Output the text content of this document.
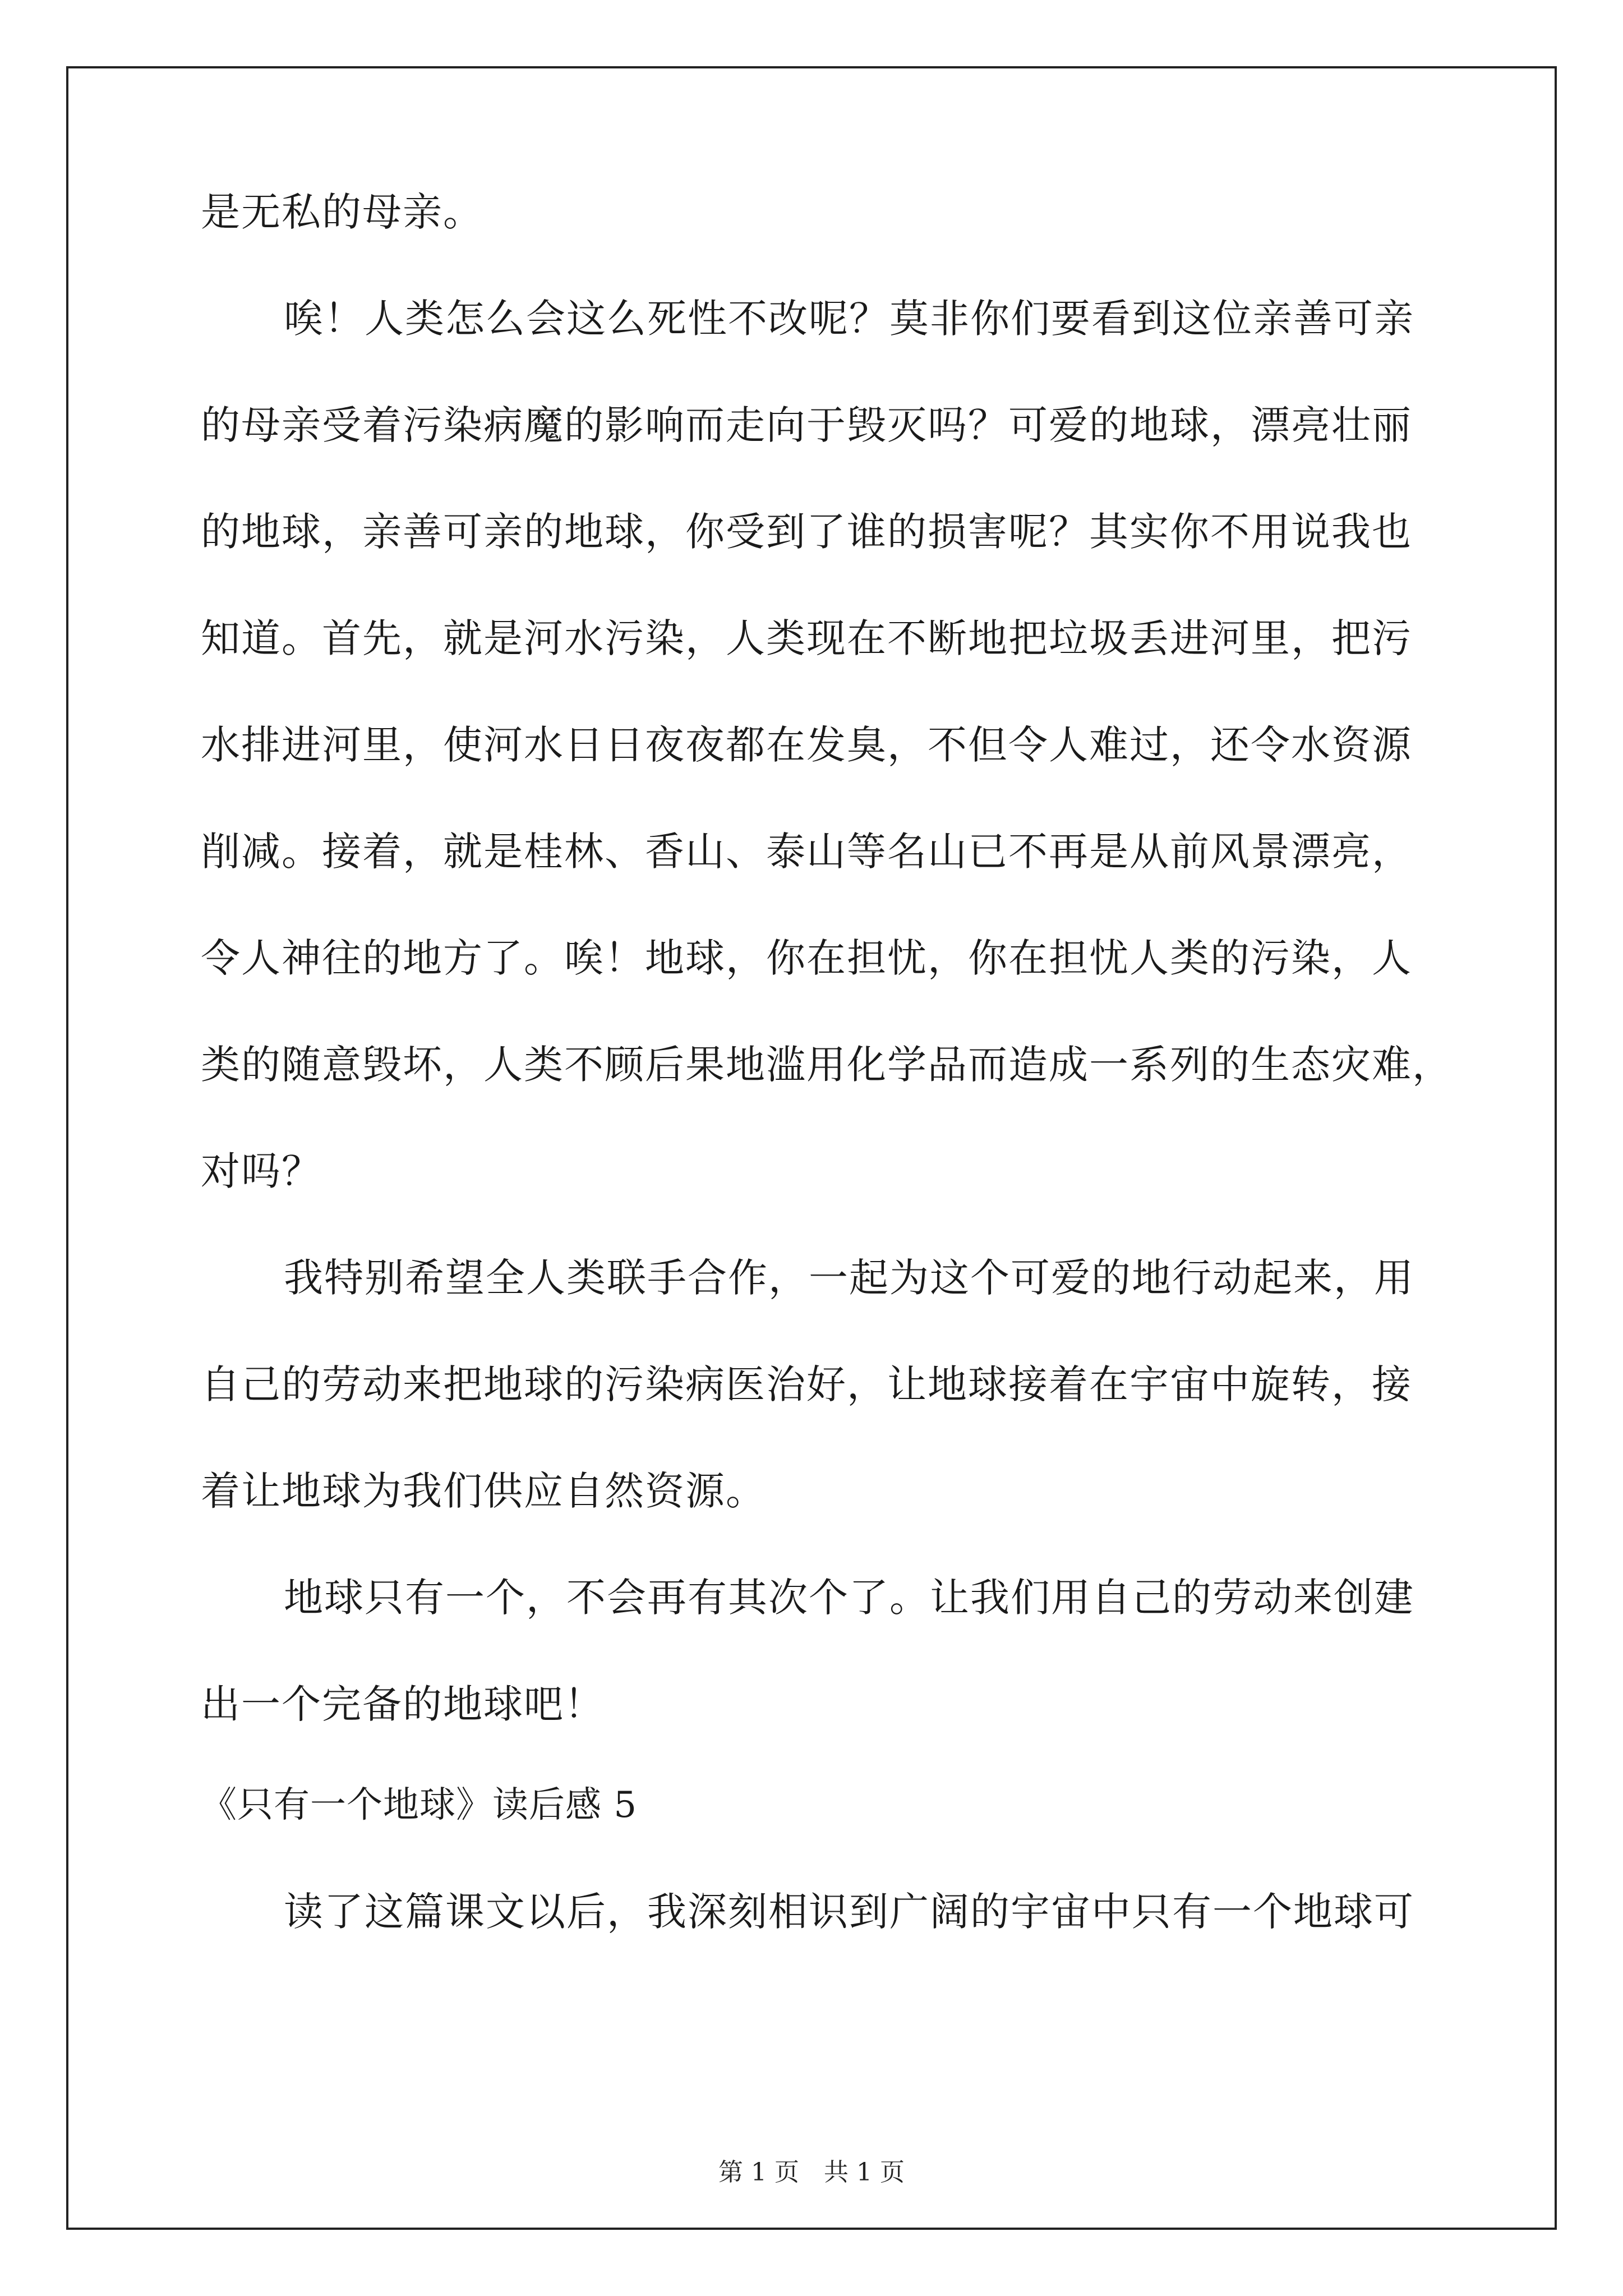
是无私的母亲。
唉！人类怎么会这么死性不改呢？莫非你们要看到这位亲善可亲
的母亲受着污染病魔的影响而走向于毁灭吗？可爱的地球，漂亮壮丽
的地球，亲善可亲的地球，你受到了谁的损害呢？其实你不用说我也
知道。首先，就是河水污染，人类现在不断地把垃圾丢进河里，把污
水排进河里，使河水日日夜夜都在发臭，不但令人难过，还令水资源
削减。接着，就是桂林、香山、泰山等名山已不再是从前风景漂亮，
令人神往的地方了。唉！地球，你在担忧，你在担忧人类的污染，人
类的随意毁坏，人类不顾后果地滥用化学品而造成一系列的生态灾难，
对吗？
我特别希望全人类联手合作，一起为这个可爱的地行动起来，用
自己的劳动来把地球的污染病医治好，让地球接着在宇宙中旋转，接
着让地球为我们供应自然资源。
地球只有一个，不会再有其次个了。让我们用自己的劳动来创建
出一个完备的地球吧！
《只有一个地球》读后感 5
读了这篇课文以后，我深刻相识到广阔的宇宙中只有一个地球可
第 1 页　共 1 页
